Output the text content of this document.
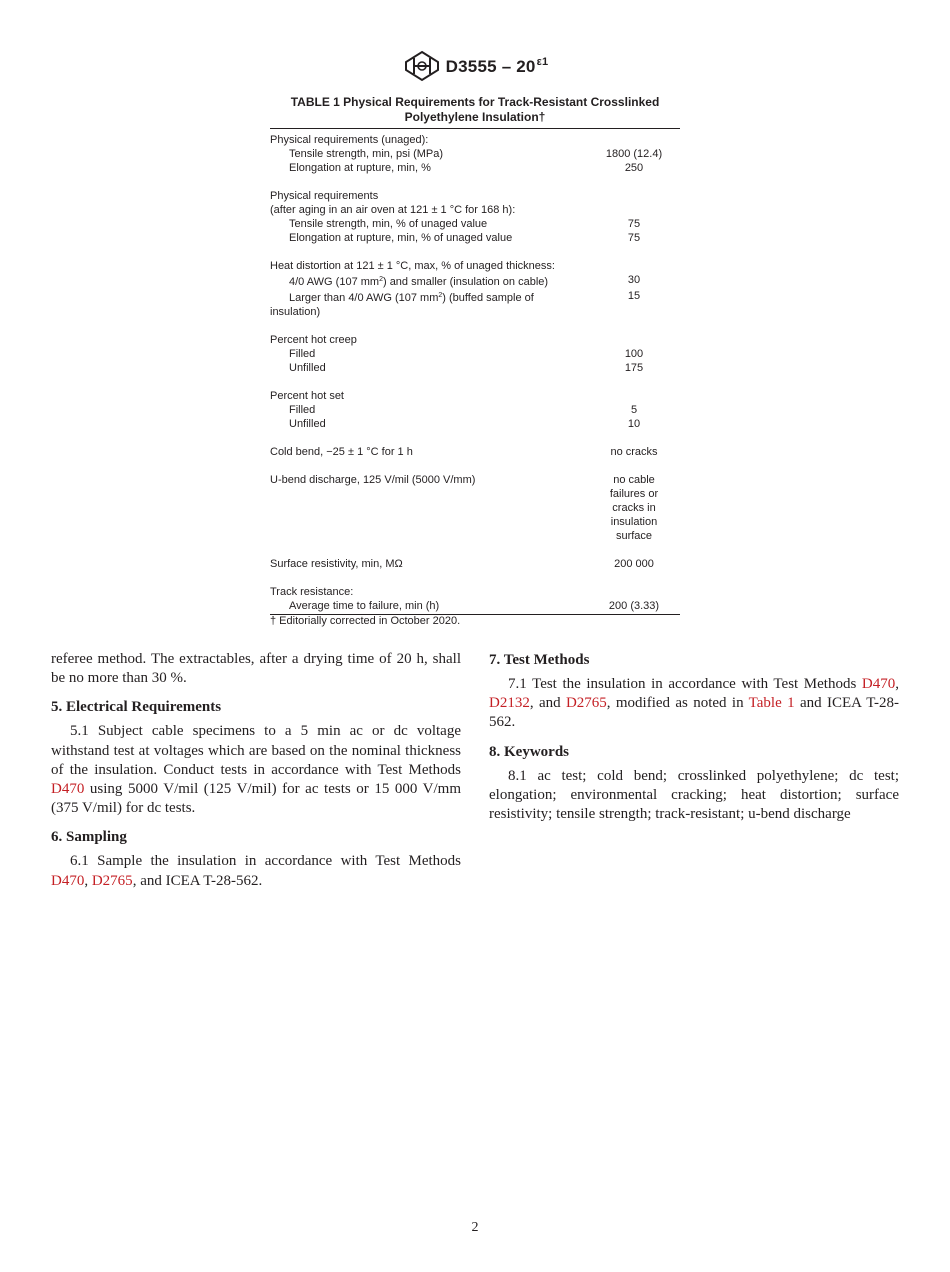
$D3555 - 20^{\varepsilon 1}$
TABLE 1 Physical Requirements for Track-Resistant Crosslinked
Polyethylene Insulation†
Physical requirements (unaged):
Tensile strength, min, psi (MPa)	1800 (12.4)
Elongation at rupture, min, %	250
Physical requirements
(after aging in an air oven at 121 ± 1 °C for 168 h):
Tensile strength, min, % of unaged value	75
Elongation at rupture, min, % of unaged value	75
Heat distortion at 121 ± 1 °C, max, % of unaged thickness:
4/0 AWG (107 $mm^2$) and smaller (insulation on cable)	30
Larger than 4/0 AWG (107 $mm^2$) (buffed sample of	15
insulation)
Percent hot creep
Filled	100
Unfilled	175
Percent hot set
Filled	5
Unfilled	10
Cold bend, −25 ± 1 °C for 1 h	no cracks
U-bend discharge, 125 V/mil (5000 V/mm)	no cable

failures or

cracks in

insulation

surface
Surface resistivity, min, MΩ	200 000
Track resistance:
Average time to failure, min (h)	200 (3.33)
† Editorially corrected in October 2020.

referee method. The extractables, after a drying time of 20 h, shall be no more than 30 %.

5. Electrical Requirements

5.1 Subject cable specimens to a 5 min ac or dc voltage withstand test at voltages which are based on the nominal thickness of the insulation. Conduct tests in accordance with Test Methods D470 using 5000 V/mil (125 V/mil) for ac tests or 15 000 V/mm (375 V/mil) for dc tests.

6. Sampling

6.1 Sample the insulation in accordance with Test Methods D470, D2765, and ICEA T-28-562.

7. Test Methods

7.1 Test the insulation in accordance with Test Methods D470, D2132, and D2765, modified as noted in Table 1 and ICEA T-28-562.

8. Keywords

8.1 ac test; cold bend; crosslinked polyethylene; dc test; elongation; environmental cracking; heat distortion; surface resistivity; tensile strength; track-resistant; u-bend discharge

2
